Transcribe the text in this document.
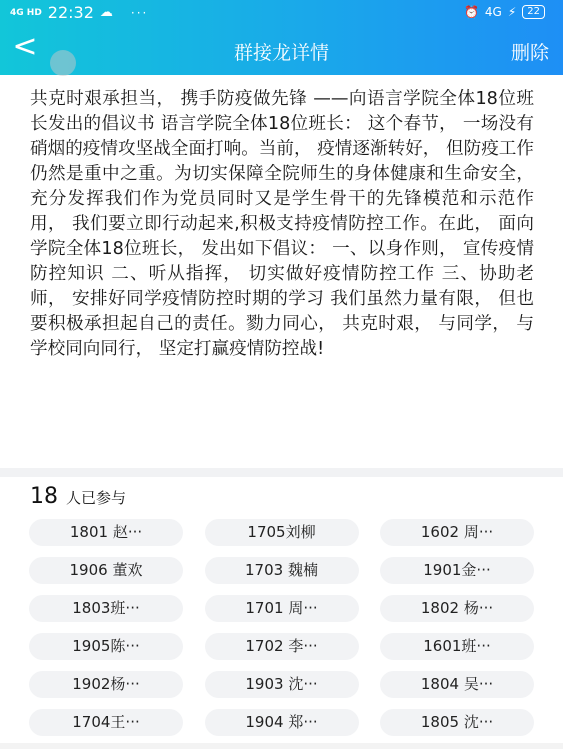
4G HD 22:32 ☁ ···	⏰ 4G ⚡	22
<	群接龙详情	删除
共克时艰承担当， 携手防疫做先锋 ——向语言学院全体18位班长发出的倡议书 语言学院全体18位班长： 这个春节， 一场没有硝烟的疫情攻坚战全面打响。当前， 疫情逐渐转好， 但防疫工作仍然是重中之重。为切实保障全院师生的身体健康和生命安全， 充分发挥我们作为党员同时又是学生骨干的先锋模范和示范作用， 我们要立即行动起来,积极支持疫情防控工作。在此， 面向学院全体18位班长， 发出如下倡议： 一、以身作则， 宣传疫情防控知识 二、听从指挥， 切实做好疫情防控工作 三、协助老师， 安排好同学疫情防控时期的学习 我们虽然力量有限， 但也要积极承担起自己的责任。勠力同心， 共克时艰， 与同学， 与学校同向同行， 坚定打赢疫情防控战!
18 人已参与
1801 赵···	1705刘柳	1602 周···
1906 董欢	1703 魏楠	1901金···
1803班···	1701 周···	1802 杨···
1905陈···	1702 李···	1601班···
1902杨···	1903 沈···	1804 吴···
1704王···	1904 郑···	1805 沈···
